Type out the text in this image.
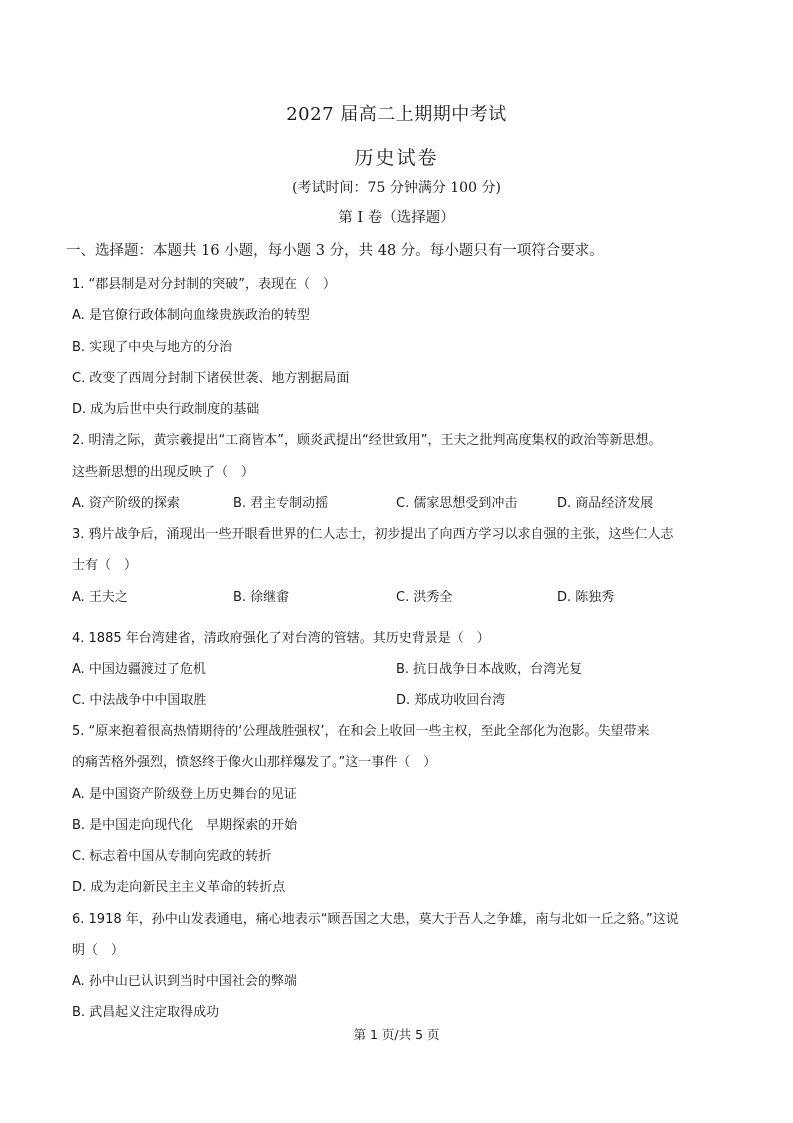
2027 届高二上期期中考试
历史试卷
(考试时间：75 分钟满分 100 分)
第 I 卷（选择题）
一、选择题：本题共 16 小题，每小题 3 分，共 48 分。每小题只有一项符合要求。
1. “郡县制是对分封制的突破”，表现在（　）
A. 是官僚行政体制向血缘贵族政治的转型
B. 实现了中央与地方的分治
C. 改变了西周分封制下诸侯世袭、地方割据局面
D. 成为后世中央行政制度的基础
2. 明清之际，黄宗羲提出“工商皆本”，顾炎武提出“经世致用”，王夫之批判高度集权的政治等新思想。
这些新思想的出现反映了（　）
A. 资产阶级的探索	B. 君主专制动摇	C. 儒家思想受到冲击	D. 商品经济发展
3. 鸦片战争后，涌现出一些开眼看世界的仁人志士，初步提出了向西方学习以求自强的主张，这些仁人志
士有（　）
A. 王夫之	B. 徐继畬	C. 洪秀全	D. 陈独秀
4. 1885 年台湾建省，清政府强化了对台湾的管辖。其历史背景是（　）
A. 中国边疆渡过了危机	B. 抗日战争日本战败，台湾光复
C. 中法战争中中国取胜	D. 郑成功收回台湾
5. “原来抱着很高热情期待的‘公理战胜强权’，在和会上收回一些主权，至此全部化为泡影。失望带来
的痛苦格外强烈，愤怒终于像火山那样爆发了。”这一事件（　）
A. 是中国资产阶级登上历史舞台的见证
B. 是中国走向现代化　早期探索的开始
C. 标志着中国从专制向宪政的转折
D. 成为走向新民主主义革命的转折点
6. 1918 年，孙中山发表通电，痛心地表示“顾吾国之大患，莫大于吾人之争雄，南与北如一丘之貉。”这说
明（　）
A. 孙中山已认识到当时中国社会的弊端
B. 武昌起义注定取得成功
第 1 页/共 5 页
